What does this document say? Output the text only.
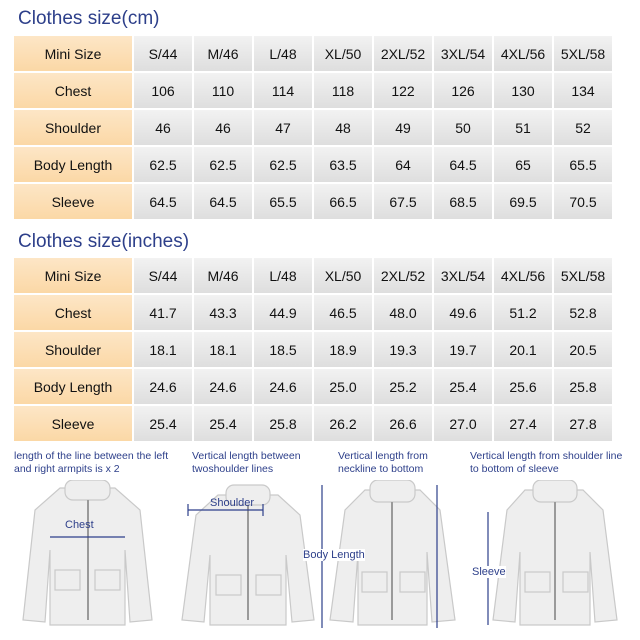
Clothes size(cm)
Mini Size	S/44	M/46	L/48	XL/50	2XL/52	3XL/54	4XL/56	5XL/58
Chest	106	110	114	118	122	126	130	134
Shoulder	46	46	47	48	49	50	51	52
Body Length	62.5	62.5	62.5	63.5	64	64.5	65	65.5
Sleeve	64.5	64.5	65.5	66.5	67.5	68.5	69.5	70.5
Clothes size(inches)
Mini Size	S/44	M/46	L/48	XL/50	2XL/52	3XL/54	4XL/56	5XL/58
Chest	41.7	43.3	44.9	46.5	48.0	49.6	51.2	52.8
Shoulder	18.1	18.1	18.5	18.9	19.3	19.7	20.1	20.5
Body Length	24.6	24.6	24.6	25.0	25.2	25.4	25.6	25.8
Sleeve	25.4	25.4	25.8	26.2	26.6	27.0	27.4	27.8
length of the line between the left and right armpits is x 2
Vertical length between twoshoulder lines
Vertical length from neckline to bottom
Vertical length from shoulder line to bottom of sleeve
Chest
Shoulder
Body Length
Sleeve
